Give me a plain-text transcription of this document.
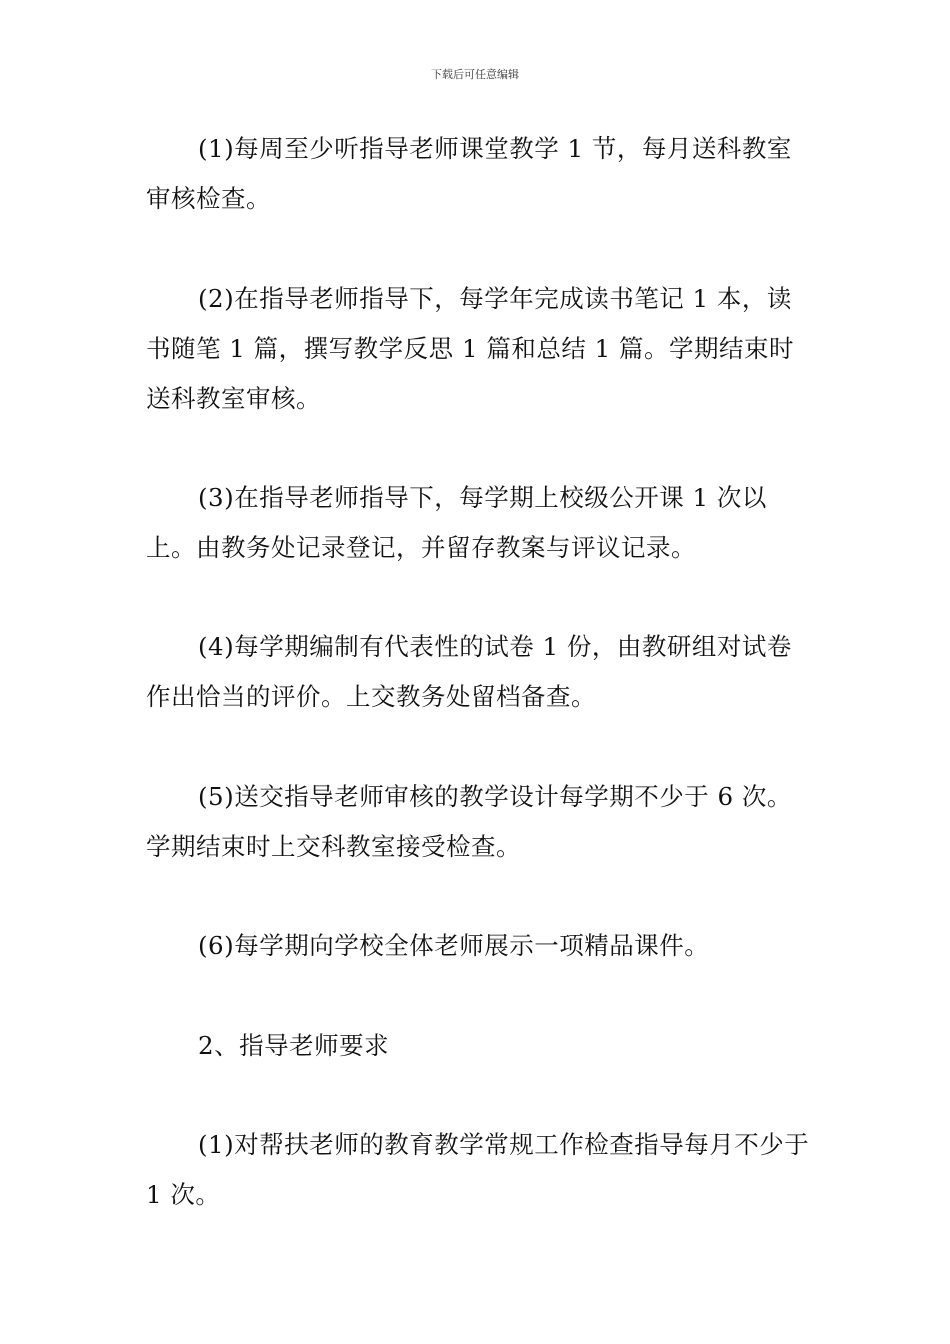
下载后可任意编辑

(1)每周至少听指导老师课堂教学 1 节，每月送科教室审核检查。

(2)在指导老师指导下，每学年完成读书笔记 1 本，读书随笔 1 篇，撰写教学反思 1 篇和总结 1 篇。学期结束时送科教室审核。

(3)在指导老师指导下，每学期上校级公开课 1 次以上。由教务处记录登记，并留存教案与评议记录。

(4)每学期编制有代表性的试卷 1 份，由教研组对试卷作出恰当的评价。上交教务处留档备查。

(5)送交指导老师审核的教学设计每学期不少于 6 次。学期结束时上交科教室接受检查。

(6)每学期向学校全体老师展示一项精品课件。

2、指导老师要求

(1)对帮扶老师的教育教学常规工作检查指导每月不少于 1 次。
